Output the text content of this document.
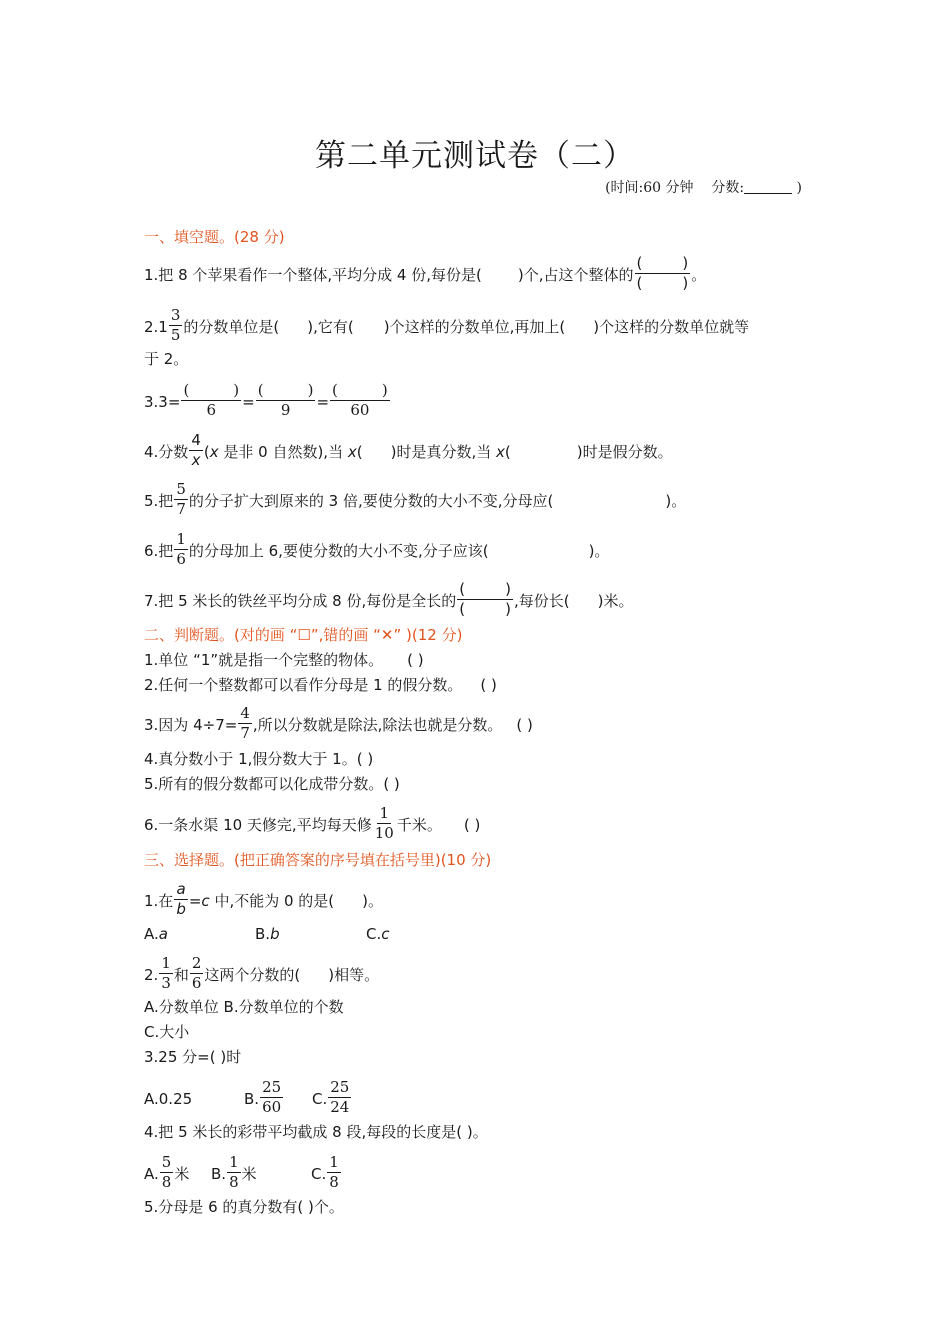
第二单元测试卷（二）
(时间:60 分钟 分数:	)
一、填空题。(28 分)
1.把 8 个苹果看作一个整体,平均分成 4 份,每份是( )个,占这个整体的 (	)
(	) 。
$2.1 \frac{3}{5}$ 的分数单位是( ),它有( )个这样的分数单位,再加上( )个这样的分数单位就等
于 2。
3.3= (	)
6 = (	)
9 = (	)
60
4.分数 $\frac{4}{x} (x$ 是非 0 自然数),当 x( )时是真分数,当 x(	)时是假分数。
5.把 $\frac{5}{7}$ 的分子扩大到原来的 3 倍,要使分数的大小不变,分母应(	)。
6.把 $\frac{1}{6}$ 的分母加上 6,要使分数的大小不变,分子应该(	)。
7.把 5 米长的铁丝平均分成 8 份,每份是全长的 (	)
(	) ,每份长( )米。
二、判断题。(对的画 “☐”,错的画 “✕” )(12 分)
1.单位 “1”就是指一个完整的物体。 ( )
2.任何一个整数都可以看作分母是 1 的假分数。 ( )
3.因为 $4\div 7= \frac{4}{7}$ ,所以分数就是除法,除法也就是分数。 ( )
4.真分数小于 1,假分数大于 1。( )
5.所有的假分数都可以化成带分数。( )
6.一条水渠 10 天修完,平均每天修 $\frac{1}{10}$ 千米。 ( )
三、选择题。(把正确答案的序号填在括号里)(10 分)
1.在 $\frac{a}{b} =c$ 中,不能为 0 的是( )。
A.a	B.b	C.c
2. $\frac{1}{3}$ 和 $\frac{2}{6}$ 这两个分数的( )相等。
A.分数单位 B.分数单位的个数
C.大小
3.25 分=( )时
A.0.25	B. $\frac{25}{60} C$. $\frac{25}{24}$
4.把 5 米长的彩带平均截成 8 段,每段的长度是( )。
A. $\frac{5}{8}$ 米 B. $\frac{1}{8}$ 米	C. $\frac{1}{8}$
5.分母是 6 的真分数有( )个。
